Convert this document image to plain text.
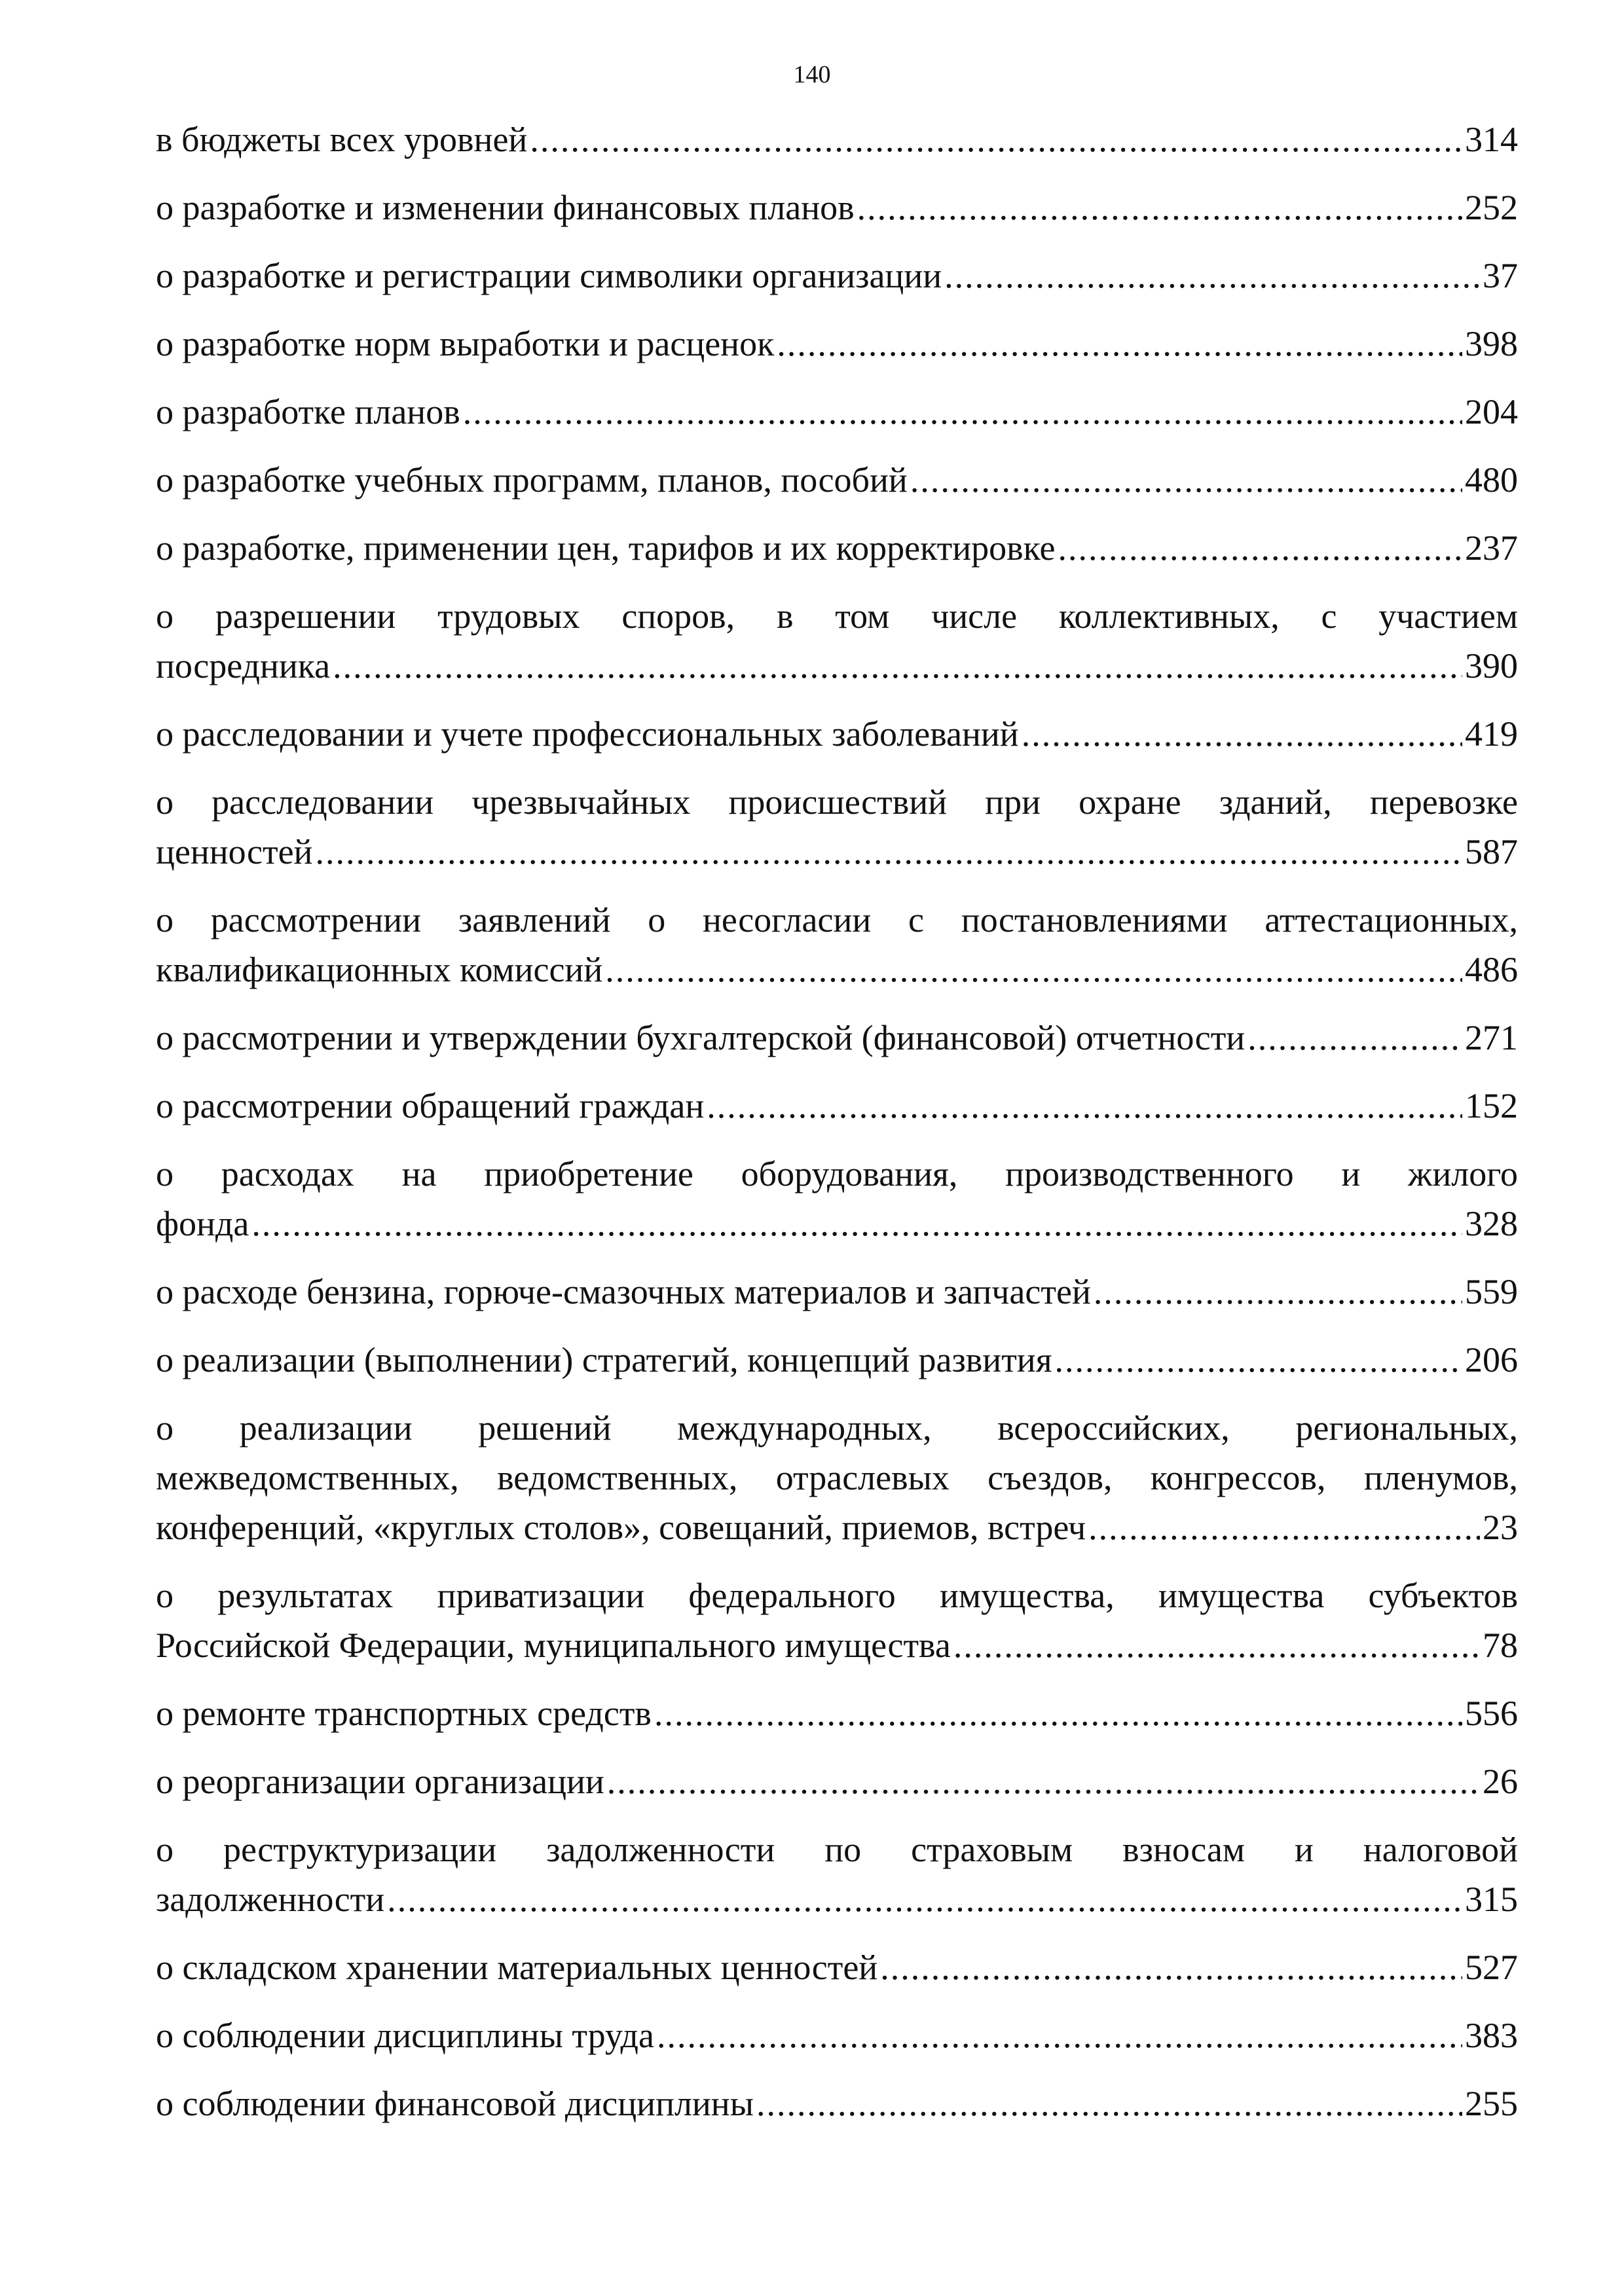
140
в бюджеты всех уровней .....	314
о разработке и изменении финансовых планов .....	252
о разработке и регистрации символики организации .....	37
о разработке норм выработки и расценок .....	398
о разработке планов .....	204
о разработке учебных программ, планов, пособий .....	480
о разработке, применении цен, тарифов и их корректировке .....	237
о разрешении трудовых споров, в том числе коллективных, с участием
посредника .....	390
о расследовании и учете профессиональных заболеваний .....	419
о расследовании чрезвычайных происшествий при охране зданий, перевозке
ценностей .....	587
о рассмотрении заявлений о несогласии с постановлениями аттестационных,
квалификационных комиссий .....	486
о рассмотрении и утверждении бухгалтерской (финансовой) отчетности .....	271
о рассмотрении обращений граждан .....	152
о расходах на приобретение оборудования, производственного и жилого
фонда .....	328
о расходе бензина, горюче-смазочных материалов и запчастей .....	559
о реализации (выполнении) стратегий, концепций развития .....	206
о реализации решений международных, всероссийских, региональных,
межведомственных, ведомственных, отраслевых съездов, конгрессов, пленумов,
конференций, «круглых столов», совещаний, приемов, встреч .....	23
о результатах приватизации федерального имущества, имущества субъектов
Российской Федерации, муниципального имущества .....	78
о ремонте транспортных средств .....	556
о реорганизации организации .....	26
о реструктуризации задолженности по страховым взносам и налоговой
задолженности .....	315
о складском хранении материальных ценностей .....	527
о соблюдении дисциплины труда .....	383
о соблюдении финансовой дисциплины .....	255
